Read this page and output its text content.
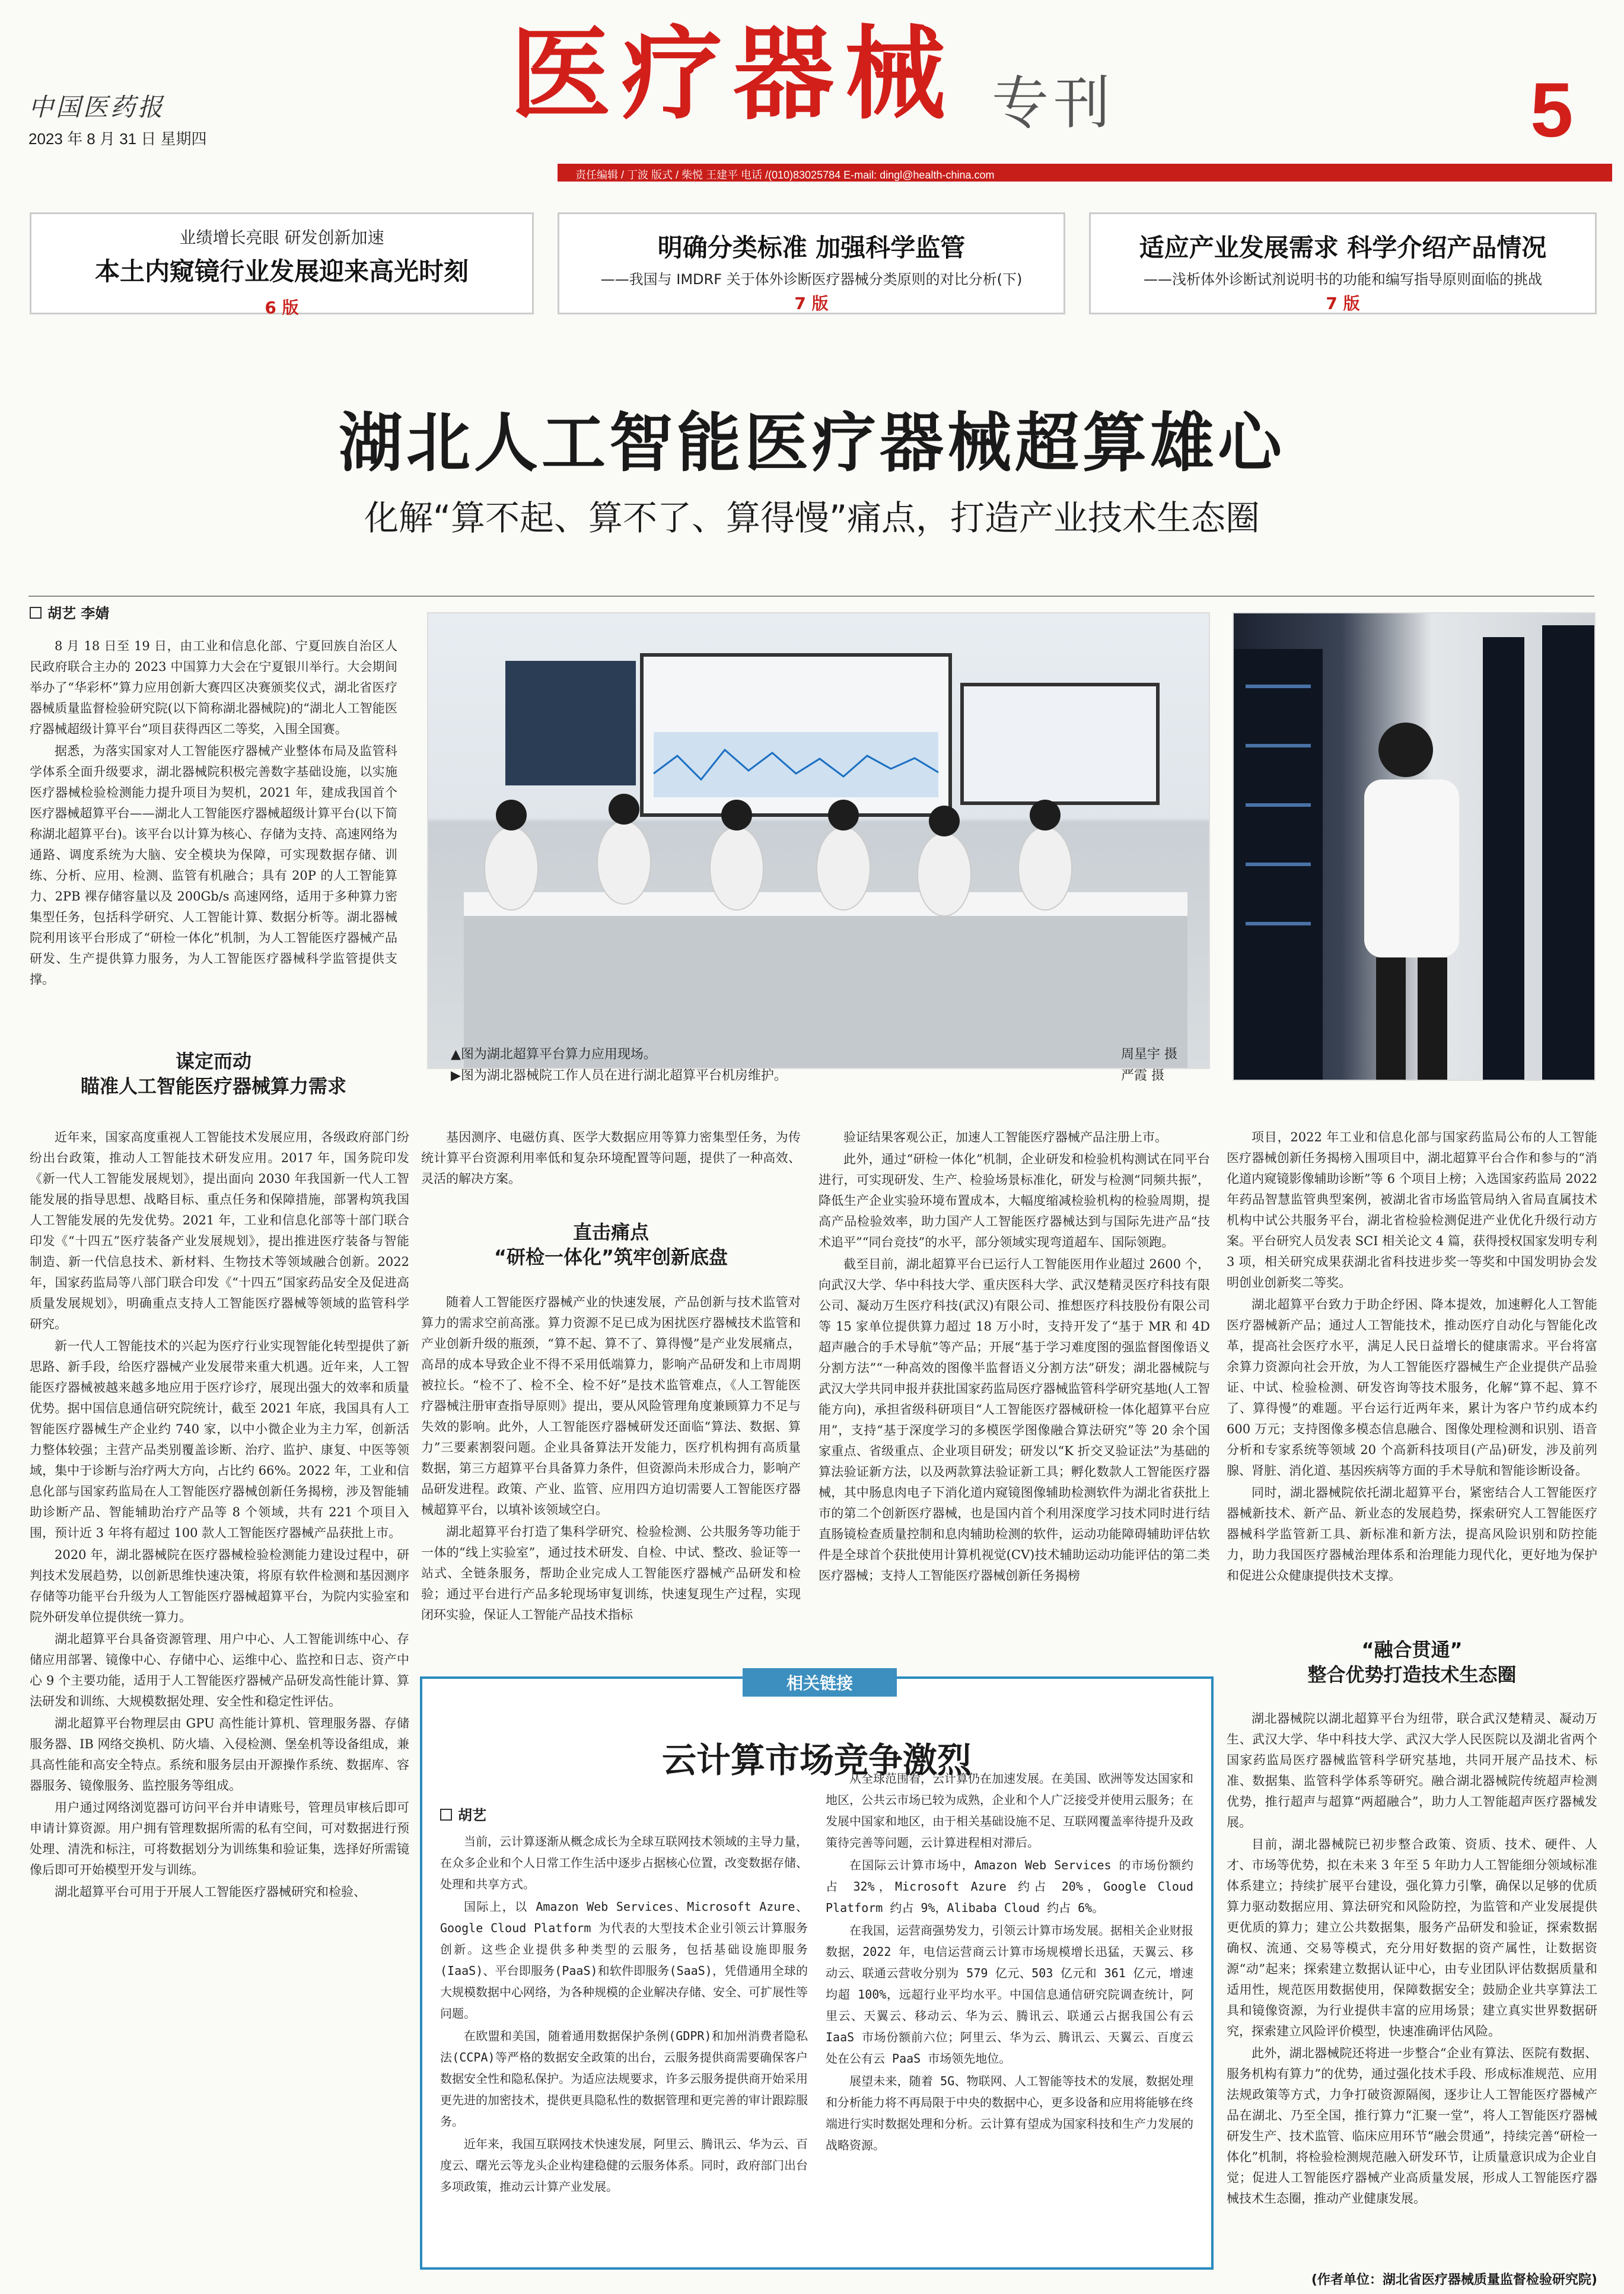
中国医药报
2023 年 8 月 31 日 星期四
医疗器械 专刊	5
责任编辑 / 丁波 版式 / 柴悦 王建平 电话 /(010)83025784 E-mail: dingl@health-china.com
业绩增长亮眼 研发创新加速
本土内窥镜行业发展迎来高光时刻
6 版
明确分类标准 加强科学监管
——我国与 IMDRF 关于体外诊断医疗器械分类原则的对比分析(下)
7 版
适应产业发展需求 科学介绍产品情况
——浅析体外诊断试剂说明书的功能和编写指导原则面临的挑战
7 版
湖北人工智能医疗器械超算雄心
化解“算不起、算不了、算得慢”痛点，打造产业技术生态圈
胡艺 李婧

8 月 18 日至 19 日，由工业和信息化部、宁夏回族自治区人民政府联合主办的 2023 中国算力大会在宁夏银川举行。大会期间举办了“华彩杯”算力应用创新大赛四区决赛颁奖仪式，湖北省医疗器械质量监督检验研究院(以下简称湖北器械院)的“湖北人工智能医疗器械超级计算平台”项目获得西区二等奖，入围全国赛。

据悉，为落实国家对人工智能医疗器械产业整体布局及监管科学体系全面升级要求，湖北器械院积极完善数字基础设施，以实施医疗器械检验检测能力提升项目为契机，2021 年，建成我国首个医疗器械超算平台——湖北人工智能医疗器械超级计算平台(以下简称湖北超算平台)。该平台以计算为核心、存储为支持、高速网络为通路、调度系统为大脑、安全模块为保障，可实现数据存储、训练、分析、应用、检测、监管有机融合；具有 20P 的人工智能算力、2PB 裸存储容量以及 200Gb/s 高速网络，适用于多种算力密集型任务，包括科学研究、人工智能计算、数据分析等。湖北器械院利用该平台形成了“研检一体化”机制，为人工智能医疗器械产品研发、生产提供算力服务，为人工智能医疗器械科学监管提供支撑。

谋定而动
瞄准人工智能医疗器械算力需求
▲图为湖北超算平台算力应用现场。	周星宇 摄
▶图为湖北器械院工作人员在进行湖北超算平台机房维护。	严霞 摄

近年来，国家高度重视人工智能技术发展应用，各级政府部门纷纷出台政策，推动人工智能技术研发应用。2017 年，国务院印发《新一代人工智能发展规划》，提出面向 2030 年我国新一代人工智能发展的指导思想、战略目标、重点任务和保障措施，部署构筑我国人工智能发展的先发优势。2021 年，工业和信息化部等十部门联合印发《“十四五”医疗装备产业发展规划》，提出推进医疗装备与智能制造、新一代信息技术、新材料、生物技术等领域融合创新。2022 年，国家药监局等八部门联合印发《“十四五”国家药品安全及促进高质量发展规划》，明确重点支持人工智能医疗器械等领域的监管科学研究。

新一代人工智能技术的兴起为医疗行业实现智能化转型提供了新思路、新手段，给医疗器械产业发展带来重大机遇。近年来，人工智能医疗器械被越来越多地应用于医疗诊疗，展现出强大的效率和质量优势。据中国信息通信研究院统计，截至 2021 年底，我国具有人工智能医疗器械生产企业约 740 家，以中小微企业为主力军，创新活力整体较强；主营产品类别覆盖诊断、治疗、监护、康复、中医等领域，集中于诊断与治疗两大方向，占比约 66%。2022 年，工业和信息化部与国家药监局在人工智能医疗器械创新任务揭榜，涉及智能辅助诊断产品、智能辅助治疗产品等 8 个领域，共有 221 个项目入围，预计近 3 年将有超过 100 款人工智能医疗器械产品获批上市。

2020 年，湖北器械院在医疗器械检验检测能力建设过程中，研判技术发展趋势，以创新思维快速决策，将原有软件检测和基因测序存储等功能平台升级为人工智能医疗器械超算平台，为院内实验室和院外研发单位提供统一算力。

湖北超算平台具备资源管理、用户中心、人工智能训练中心、存储应用部署、镜像中心、存储中心、运维中心、监控和日志、资产中心 9 个主要功能，适用于人工智能医疗器械产品研发高性能计算、算法研发和训练、大规模数据处理、安全性和稳定性评估。

湖北超算平台物理层由 GPU 高性能计算机、管理服务器、存储服务器、IB 网络交换机、防火墙、入侵检测、堡垒机等设备组成，兼具高性能和高安全特点。系统和服务层由开源操作系统、数据库、容器服务、镜像服务、监控服务等组成。

用户通过网络浏览器可访问平台并申请账号，管理员审核后即可申请计算资源。用户拥有管理数据所需的私有空间，可对数据进行预处理、清洗和标注，可将数据划分为训练集和验证集，选择好所需镜像后即可开始模型开发与训练。

湖北超算平台可用于开展人工智能医疗器械研究和检验、

基因测序、电磁仿真、医学大数据应用等算力密集型任务，为传统计算平台资源利用率低和复杂环境配置等问题，提供了一种高效、灵活的解决方案。

直击痛点
“研检一体化”筑牢创新底盘

随着人工智能医疗器械产业的快速发展，产品创新与技术监管对算力的需求空前高涨。算力资源不足已成为困扰医疗器械技术监管和产业创新升级的瓶颈，“算不起、算不了、算得慢”是产业发展痛点，高昂的成本导致企业不得不采用低端算力，影响产品研发和上市周期被拉长。“检不了、检不全、检不好”是技术监管难点，《人工智能医疗器械注册审查指导原则》提出，要从风险管理角度兼顾算力不足与失效的影响。此外，人工智能医疗器械研发还面临“算法、数据、算力”三要素割裂问题。企业具备算法开发能力，医疗机构拥有高质量数据，第三方超算平台具备算力条件，但资源尚未形成合力，影响产品研发进程。政策、产业、监管、应用四方迫切需要人工智能医疗器械超算平台，以填补该领域空白。

湖北超算平台打造了集科学研究、检验检测、公共服务等功能于一体的“线上实验室”，通过技术研发、自检、中试、整改、验证等一站式、全链条服务，帮助企业完成人工智能医疗器械产品研发和检验；通过平台进行产品多轮现场审复训练，快速复现生产过程，实现闭环实验，保证人工智能产品技术指标

验证结果客观公正，加速人工智能医疗器械产品注册上市。

此外，通过“研检一体化”机制，企业研发和检验机构测试在同平台进行，可实现研发、生产、检验场景标准化，研发与检测“同频共振”，降低生产企业实验环境布置成本，大幅度缩减检验机构的检验周期，提高产品检验效率，助力国产人工智能医疗器械达到与国际先进产品“技术追平”“同台竞技”的水平，部分领域实现弯道超车、国际领跑。

截至目前，湖北超算平台已运行人工智能医用作业超过 2600 个，向武汉大学、华中科技大学、重庆医科大学、武汉楚精灵医疗科技有限公司、凝动万生医疗科技(武汉)有限公司、推想医疗科技股份有限公司等 15 家单位提供算力超过 18 万小时，支持开发了“基于 MR 和 4D 超声融合的手术导航”等产品；开展“基于学习难度图的强监督图像语义分割方法”“一种高效的图像半监督语义分割方法”研发；湖北器械院与武汉大学共同申报并获批国家药监局医疗器械监管科学研究基地(人工智能方向)，承担省级科研项目“人工智能医疗器械研检一体化超算平台应用”，支持“基于深度学习的多模医学图像融合算法研究”等 20 余个国家重点、省级重点、企业项目研发；研发以“K 折交叉验证法”为基础的算法验证新方法，以及两款算法验证新工具；孵化数款人工智能医疗器械，其中肠息肉电子下消化道内窥镜图像辅助检测软件为湖北省获批上市的第二个创新医疗器械，也是国内首个利用深度学习技术同时进行结直肠镜检查质量控制和息肉辅助检测的软件，运动功能障碍辅助评估软件是全球首个获批使用计算机视觉(CV)技术辅助运动功能评估的第二类医疗器械；支持人工智能医疗器械创新任务揭榜

项目，2022 年工业和信息化部与国家药监局公布的人工智能医疗器械创新任务揭榜入围项目中，湖北超算平台合作和参与的“消化道内窥镜影像辅助诊断”等 6 个项目上榜；入选国家药监局 2022 年药品智慧监管典型案例，被湖北省市场监管局纳入省局直属技术机构中试公共服务平台，湖北省检验检测促进产业优化升级行动方案。平台研究人员发表 SCI 相关论文 4 篇，获得授权国家发明专利 3 项，相关研究成果获湖北省科技进步奖一等奖和中国发明协会发明创业创新奖二等奖。

湖北超算平台致力于助企纾困、降本提效，加速孵化人工智能医疗器械新产品；通过人工智能技术，推动医疗自动化与智能化改革，提高社会医疗水平，满足人民日益增长的健康需求。平台将富余算力资源向社会开放，为人工智能医疗器械生产企业提供产品验证、中试、检验检测、研发咨询等技术服务，化解“算不起、算不了、算得慢”的难题。平台运行近两年来，累计为客户节约成本约 600 万元；支持图像多模态信息融合、图像处理检测和识别、语音分析和专家系统等领域 20 个高新科技项目(产品)研发，涉及前列腺、肾脏、消化道、基因疾病等方面的手术导航和智能诊断设备。

同时，湖北器械院依托湖北超算平台，紧密结合人工智能医疗器械新技术、新产品、新业态的发展趋势，探索研究人工智能医疗器械科学监管新工具、新标准和新方法，提高风险识别和防控能力，助力我国医疗器械治理体系和治理能力现代化，更好地为保护和促进公众健康提供技术支撑。

“融合贯通”
整合优势打造技术生态圈

湖北器械院以湖北超算平台为纽带，联合武汉楚精灵、凝动万生、武汉大学、华中科技大学、武汉大学人民医院以及湖北省两个国家药监局医疗器械监管科学研究基地，共同开展产品技术、标准、数据集、监管科学体系等研究。融合湖北器械院传统超声检测优势，推行超声与超算“两超融合”，助力人工智能超声医疗器械发展。

目前，湖北器械院已初步整合政策、资质、技术、硬件、人才、市场等优势，拟在未来 3 年至 5 年助力人工智能细分领域标准体系建立；持续扩展平台建设，强化算力引擎，确保以足够的优质算力驱动数据应用、算法研究和风险防控，为监管和产业发展提供更优质的算力；建立公共数据集，服务产品研发和验证，探索数据确权、流通、交易等模式，充分用好数据的资产属性，让数据资源“动”起来；探索建立数据认证中心，由专业团队评估数据质量和适用性，规范医用数据使用，保障数据安全；鼓励企业共享算法工具和镜像资源，为行业提供丰富的应用场景；建立真实世界数据研究，探索建立风险评价模型，快速准确评估风险。

此外，湖北器械院还将进一步整合“企业有算法、医院有数据、服务机构有算力”的优势，通过强化技术手段、形成标准规范、应用法规政策等方式，力争打破资源隔阂，逐步让人工智能医疗器械产品在湖北、乃至全国，推行算力“汇聚一堂”，将人工智能医疗器械研发生产、技术监管、临床应用环节“融会贯通”，持续完善“研检一体化”机制，将检验检测规范融入研发环节，让质量意识成为企业自觉；促进人工智能医疗器械产业高质量发展，形成人工智能医疗器械技术生态圈，推动产业健康发展。

(作者单位：湖北省医疗器械质量监督检验研究院)
相关链接
云计算市场竞争激烈
胡艺

当前，云计算逐渐从概念成长为全球互联网技术领域的主导力量，在众多企业和个人日常工作生活中逐步占据核心位置，改变数据存储、处理和共享方式。

国际上，以 Amazon Web Services、Microsoft Azure、Google Cloud Platform 为代表的大型技术企业引领云计算服务创新。这些企业提供多种类型的云服务，包括基础设施即服务(IaaS)、平台即服务(PaaS)和软件即服务(SaaS)，凭借通用全球的大规模数据中心网络，为各种规模的企业解决存储、安全、可扩展性等问题。

在欧盟和美国，随着通用数据保护条例(GDPR)和加州消费者隐私法(CCPA)等严格的数据安全政策的出台，云服务提供商需要确保客户数据安全性和隐私保护。为适应法规要求，许多云服务提供商开始采用更先进的加密技术，提供更具隐私性的数据管理和更完善的审计跟踪服务。

近年来，我国互联网技术快速发展，阿里云、腾讯云、华为云、百度云、曙光云等龙头企业构建稳健的云服务体系。同时，政府部门出台多项政策，推动云计算产业发展。

从全球范围看，云计算仍在加速发展。在美国、欧洲等发达国家和地区，公共云市场已较为成熟，企业和个人广泛接受并使用云服务；在发展中国家和地区，由于相关基础设施不足、互联网覆盖率待提升及政策待完善等问题，云计算进程相对滞后。

在国际云计算市场中，Amazon Web Services 的市场份额约占 32%，Microsoft Azure 约占 20%，Google Cloud Platform 约占 9%，Alibaba Cloud 约占 6%。

在我国，运营商强势发力，引领云计算市场发展。据相关企业财报数据，2022 年，电信运营商云计算市场规模增长迅猛，天翼云、移动云、联通云营收分别为 579 亿元、503 亿元和 361 亿元，增速均超 100%，远超行业平均水平。中国信息通信研究院调查统计，阿里云、天翼云、移动云、华为云、腾讯云、联通云占据我国公有云 IaaS 市场份额前六位；阿里云、华为云、腾讯云、天翼云、百度云处在公有云 PaaS 市场领先地位。

展望未来，随着 5G、物联网、人工智能等技术的发展，数据处理和分析能力将不再局限于中央的数据中心，更多设备和应用将能够在终端进行实时数据处理和分析。云计算有望成为国家科技和生产力发展的战略资源。
